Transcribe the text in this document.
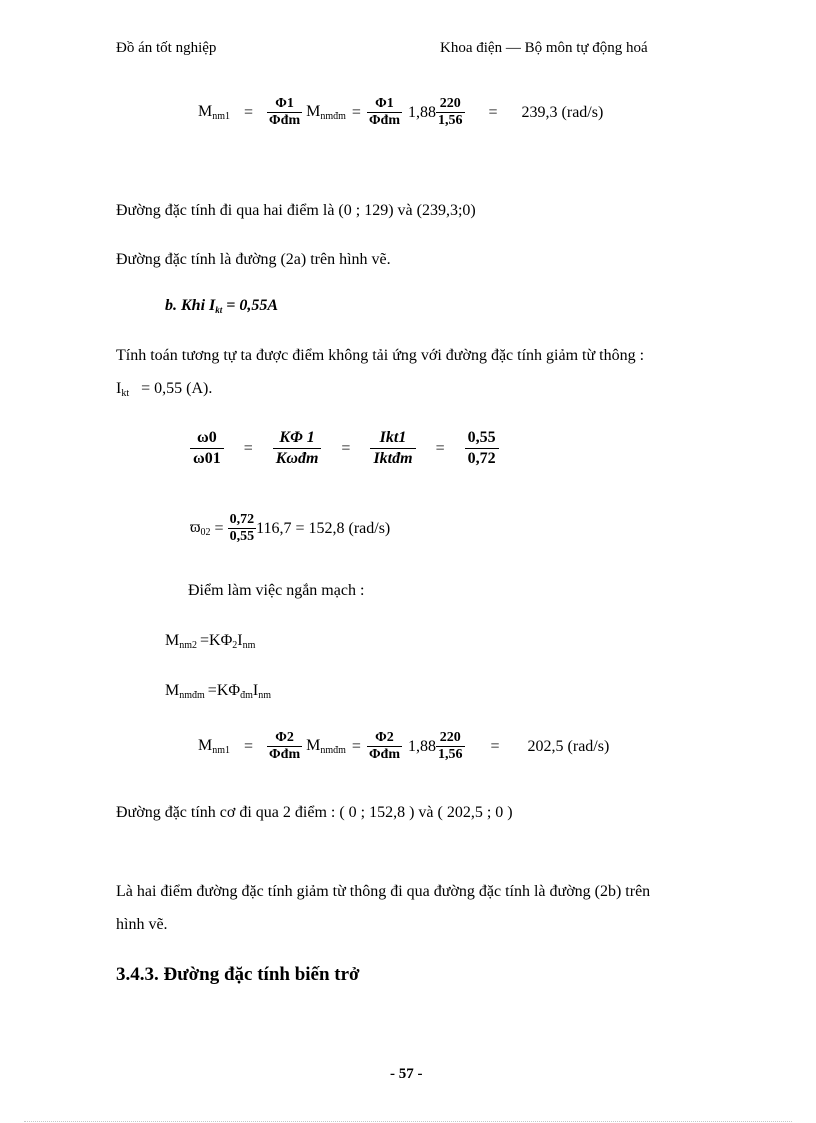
Đồ án tốt nghiệp	Khoa điện — Bộ môn tự động hoá
$M_{nm1} = \frac{\Phi 1}{\text{Φđm}} M_{nmđm} = \frac{\Phi 1}{\text{Φđm}} 1,88 \frac{220}{1,56} = 239,3$ (rad/s)
Đường đặc tính đi qua hai điểm là (0 ; 129) và (239,3;0)
Đường đặc tính là đường (2a) trên hình vẽ.
b. Khi Ikt = 0,55A
Tính toán tương tự ta được điểm không tải ứng với đường đặc tính giảm từ thông :
$I_{kt} = 0,55$ (A).
$\frac{\omega 0}{\omega 01} = \frac{K\Phi 1}{\text{Kωđm}} = \frac{\text{Ikt1}}{\text{Iktđm}} = \frac{0,55}{0,72}$
$ϖ_{02} = \frac{0,72}{0,55} 116,7 = 152,8$ (rad/s)
Điểm làm việc ngắn mạch :
$M_{nm2} =K\Phi_2I_{nm}$
$M_{nmđm} =K\Phi_{đm}I_{nm}$
$M_{nm1} = \frac{\Phi 2}{\text{Φđm}} M_{nmđm} = \frac{\Phi 2}{\text{Φđm}} 1,88 \frac{220}{1,56} = 202,5$ (rad/s)
Đường đặc tính cơ đi qua 2 điểm : ( 0 ; 152,8 ) và ( 202,5 ; 0 )
Là hai điểm đường đặc tính giảm từ thông đi qua đường đặc tính là đường (2b) trên
hình vẽ.
3.4.3. Đường đặc tính biến trở
- 57 -
